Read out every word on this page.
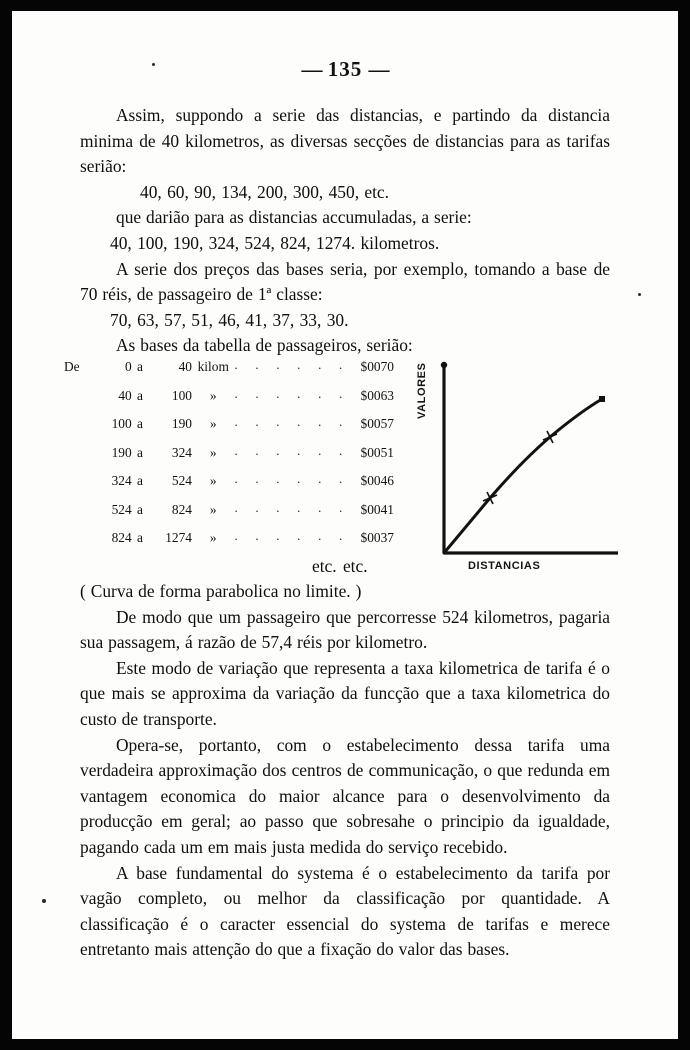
— 135 —

Assim, suppondo a serie das distancias, e partindo da distancia minima de 40 kilometros, as diversas secções de distancias para as tarifas serião:

40, 60, 90, 134, 200, 300, 450, etc.

que darião para as distancias accumuladas, a serie:

40, 100, 190, 324, 524, 824, 1274. kilometros.

A serie dos preços das bases seria, por exemplo, tomando a base de 70 réis, de passageiro de 1ª classe:

70, 63, 57, 51, 46, 41, 37, 33, 30.

As bases da tabella de passageiros, serião:

De	0	a	40	kilom	. . . . . .	$0070
	40	a	100	»	. . . . . .	$0063
	100	a	190	»	. . . . . .	$0057
	190	a	324	»	. . . . . .	$0051
	324	a	524	»	. . . . . .	$0046
	524	a	824	»	. . . . . .	$0041
	824	a	1274	»	. . . . . .	$0037
VALORES
DISTANCIAS
etc. etc.

( Curva de forma parabolica no limite. )

De modo que um passageiro que percorresse 524 kilometros, pagaria sua passagem, á razão de 57,4 réis por kilometro.

Este modo de variação que representa a taxa kilometrica de tarifa é o que mais se approxima da variação da funcção que a taxa kilometrica do custo de transporte.

Opera-se, portanto, com o estabelecimento dessa tarifa uma verdadeira approximação dos centros de communicação, o que redunda em vantagem economica do maior alcance para o desenvolvimento da producção em geral; ao passo que sobresahe o principio da igualdade, pagando cada um em mais justa medida do serviço recebido.

A base fundamental do systema é o estabelecimento da tarifa por vagão completo, ou melhor da classificação por quantidade. A classificação é o caracter essencial do systema de tarifas e merece entretanto mais attenção do que a fixação do valor das bases.
